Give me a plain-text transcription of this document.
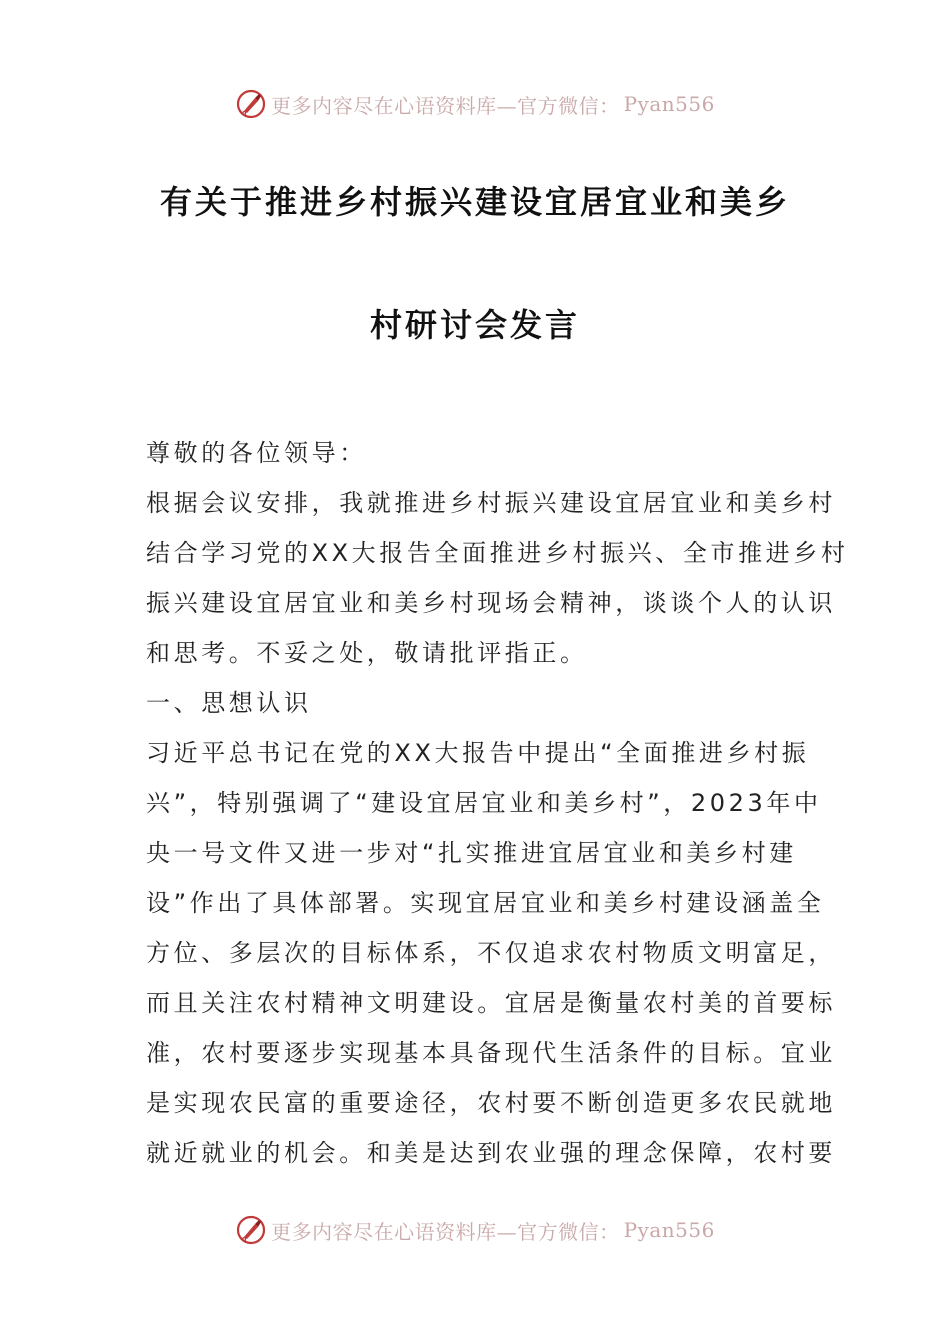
更多内容尽在心语资料库—官方微信： Pyan556
有关于推进乡村振兴建设宜居宜业和美乡
村研讨会发言
尊敬的各位领导：
根据会议安排，我就推进乡村振兴建设宜居宜业和美乡村
结合学习党的XX大报告全面推进乡村振兴、全市推进乡村
振兴建设宜居宜业和美乡村现场会精神，谈谈个人的认识
和思考。不妥之处，敬请批评指正。
一、思想认识
习近平总书记在党的XX大报告中提出“全面推进乡村振
兴”，特别强调了“建设宜居宜业和美乡村”，2023年中
央一号文件又进一步对“扎实推进宜居宜业和美乡村建
设”作出了具体部署。实现宜居宜业和美乡村建设涵盖全
方位、多层次的目标体系，不仅追求农村物质文明富足，
而且关注农村精神文明建设。宜居是衡量农村美的首要标
准，农村要逐步实现基本具备现代生活条件的目标。宜业
是实现农民富的重要途径，农村要不断创造更多农民就地
就近就业的机会。和美是达到农业强的理念保障，农村要
更多内容尽在心语资料库—官方微信： Pyan556
